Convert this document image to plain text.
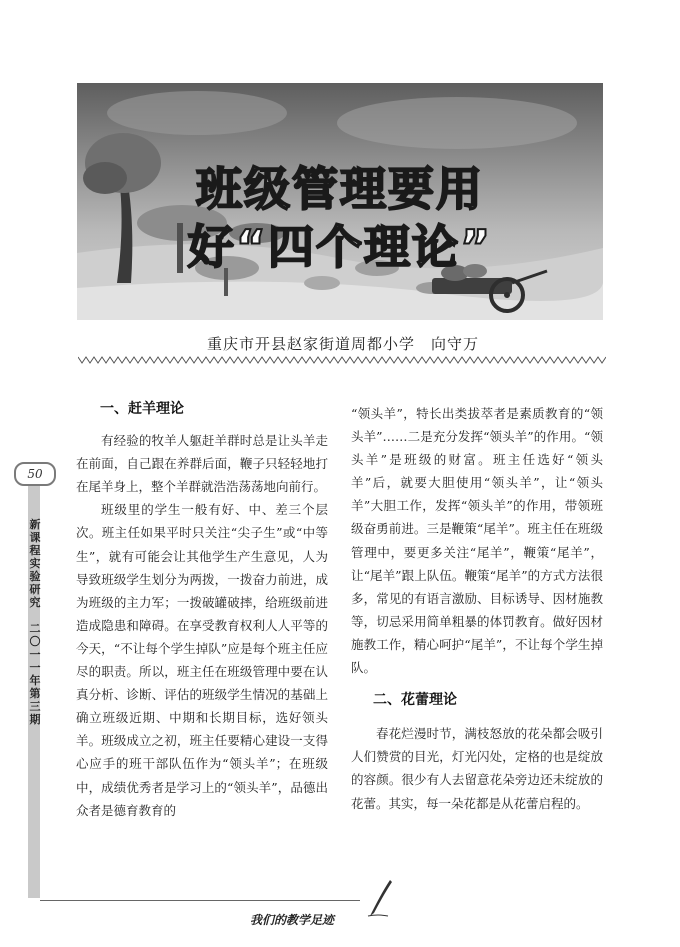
班级管理要用
好“四个理论”
重庆市开县赵家街道周都小学　向守万
50
新课程实验研究
二〇一一年第三期

一、赶羊理论

有经验的牧羊人躯赶羊群时总是让头羊走在前面，自己跟在养群后面，鞭子只轻轻地打在尾羊身上，整个羊群就浩浩荡荡地向前行。

班级里的学生一般有好、中、差三个层次。班主任如果平时只关注“尖子生”或“中等生”，就有可能会让其他学生产生意见，人为导致班级学生划分为两拨，一拨奋力前进，成为班级的主力军；一拨破罐破摔，给班级前进造成隐患和障碍。在享受教育权利人人平等的今天，“不让每个学生掉队”应是每个班主任应尽的职责。所以，班主任在班级管理中要在认真分析、诊断、评估的班级学生情况的基础上确立班级近期、中期和长期目标，选好领头羊。班级成立之初，班主任要精心建设一支得心应手的班干部队伍作为“领头羊”；在班级中，成绩优秀者是学习上的“领头羊”，品德出众者是德育教育的

“领头羊”，特长出类拔萃者是素质教育的“领头羊”……二是充分发挥“领头羊”的作用。“领头羊”是班级的财富。班主任选好“领头羊”后，就要大胆使用“领头羊”，让“领头羊”大胆工作，发挥“领头羊”的作用，带领班级奋勇前进。三是鞭策“尾羊”。班主任在班级管理中，要更多关注“尾羊”，鞭策“尾羊”，让“尾羊”跟上队伍。鞭策“尾羊”的方式方法很多，常见的有语言激励、目标诱导、因材施教等，切忌采用简单粗暴的体罚教育。做好因材施教工作，精心呵护“尾羊”，不让每个学生掉队。

二、花蕾理论

春花烂漫时节，满枝怒放的花朵都会吸引人们赞赏的目光，灯光闪处，定格的也是绽放的容颜。很少有人去留意花朵旁边还未绽放的花蕾。其实，每一朵花都是从花蕾启程的。

我们的教学足迹
